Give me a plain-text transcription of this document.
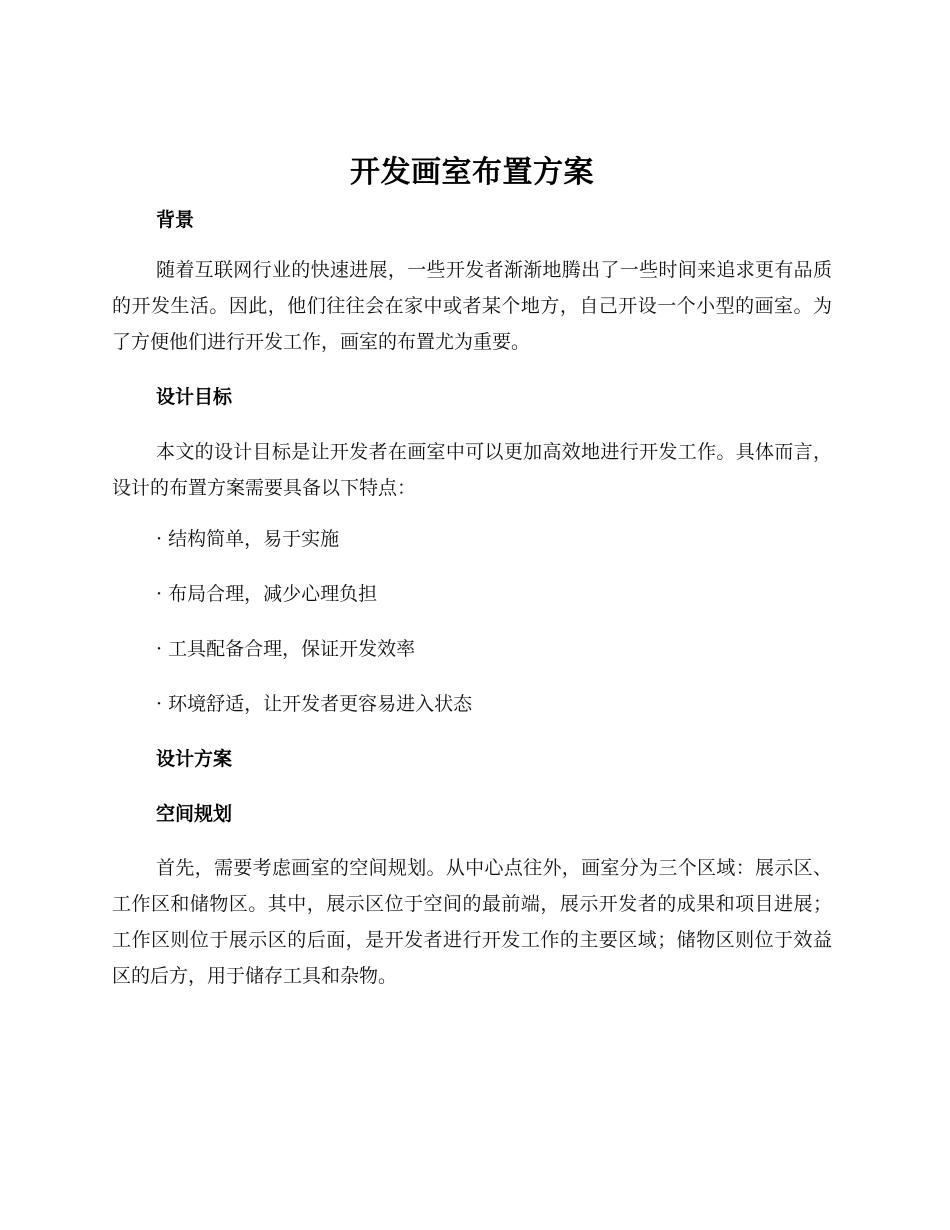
开发画室布置方案
背景

随着互联网行业的快速进展，一些开发者渐渐地腾出了一些时间来追求更有品质的开发生活。因此，他们往往会在家中或者某个地方，自己开设一个小型的画室。为了方便他们进行开发工作，画室的布置尤为重要。

设计目标

本文的设计目标是让开发者在画室中可以更加高效地进行开发工作。具体而言，设计的布置方案需要具备以下特点：

· 结构简单，易于实施

· 布局合理，减少心理负担

· 工具配备合理，保证开发效率

· 环境舒适，让开发者更容易进入状态

设计方案
空间规划

首先，需要考虑画室的空间规划。从中心点往外，画室分为三个区域：展示区、工作区和储物区。其中，展示区位于空间的最前端，展示开发者的成果和项目进展；工作区则位于展示区的后面，是开发者进行开发工作的主要区域；储物区则位于效益区的后方，用于储存工具和杂物。
